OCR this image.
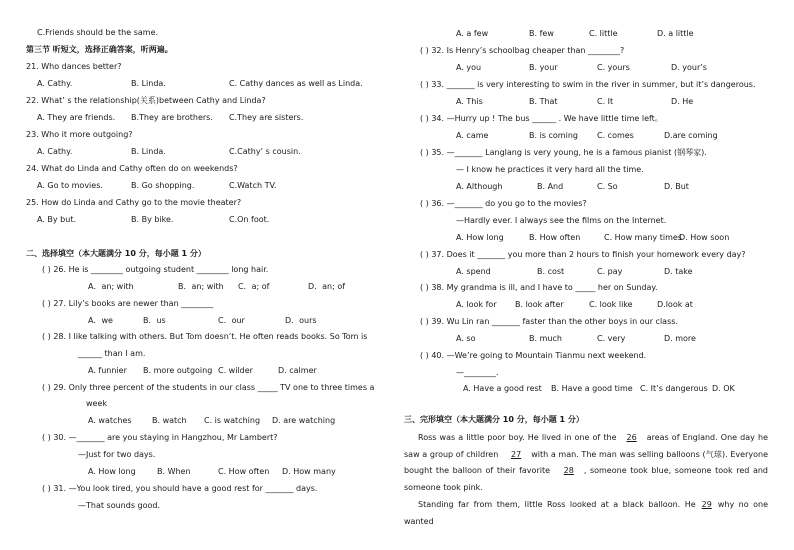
C.Friends should be the same.
第三节 听短文，选择正确答案，听两遍。
21. Who dances better?
A. Cathy.	B. Linda.	C. Cathy dances as well as Linda.
22. What’ s the relationship(关系)between Cathy and Linda?
A. They are friends. B.They are brothers. C.They are sisters.
23. Who it more outgoing?
A. Cathy.	B. Linda.	C.Cathy’ s cousin.
24. What do Linda and Cathy often do on weekends?
A. Go to movies.	B. Go shopping.	C.Watch TV.
25. How do Linda and Cathy go to the movie theater?
A. By but.	B. By bike.	C.On foot.
二、选择填空（本大题满分 10 分，每小题 1 分）
( ) 26. He is ________ outgoing student ________ long hair.
A．an; with	B．an; with C．a; of	D．an; of
( ) 27. Lily’s books are newer than ________
A．we	B．us	C．our	D．ours
( ) 28. I like talking with others. But Tom doesn’t. He often reads books. So Tom is
______ than I am.
A. funnier B. more outgoing C. wilder	D. calmer
( ) 29. Only three percent of the students in our class _____ TV one to three times a
week
A. watches	B. watch C. is watching D. are watching
( ) 30. —_______ are you staying in Hangzhou, Mr Lambert?
—Just for two days.
A. How long	B. When	C. How often D. How many
( ) 31. —You look tired, you should have a good rest for _______ days.
—That sounds good.
A. a few	B. few	C. little	D. a little
( ) 32. Is Henry’s schoolbag cheaper than ________?
A. you	B. your	C. yours	D. your’s
( ) 33. _______ is very interesting to swim in the river in summer, but it’s dangerous.
A. This	B. That	C. It	D. He
( ) 34. —Hurry up ! The bus ______ . We have little time left。
A. came	B. is coming C. comes	D.are coming
( ) 35. —_______ Langlang is very young, he is a famous pianist (钢琴家).
— I know he practices it very hard all the time.
A. Although	B. And	C. So	D. But
( ) 36. —_______ do you go to the movies?
—Hardly ever. I always see the films on the Internet.
A. How long	B. How often	C. How many times
D. How soon
( ) 37. Does it _______ you more than 2 hours to finish your homework every day?
A. spend	B. cost	C. pay	D. take
( ) 38. My grandma is ill, and I have to _____ her on Sunday.
A. look for B. look after	C. look like	D.look at
( ) 39. Wu Lin ran _______ faster than the other boys in our class.
A. so	B. much	C. very	D. more
( ) 40. —We’re going to Mountain Tianmu next weekend.
—________.
A. Have a good rest B. Have a good time C. It’s dangerous D. OK
三、完形填空（本大题满分 10 分，每小题 1 分）
Ross was a little poor boy. He lived in one of the 26 areas of England. One day he saw a group of children 27 with a man. The man was selling balloons (气球). Everyone bought the balloon of their favorite 28 , someone took blue, someone took red and someone took pink.
Standing far from them, little Ross looked at a black balloon. He 29 why no one wanted
